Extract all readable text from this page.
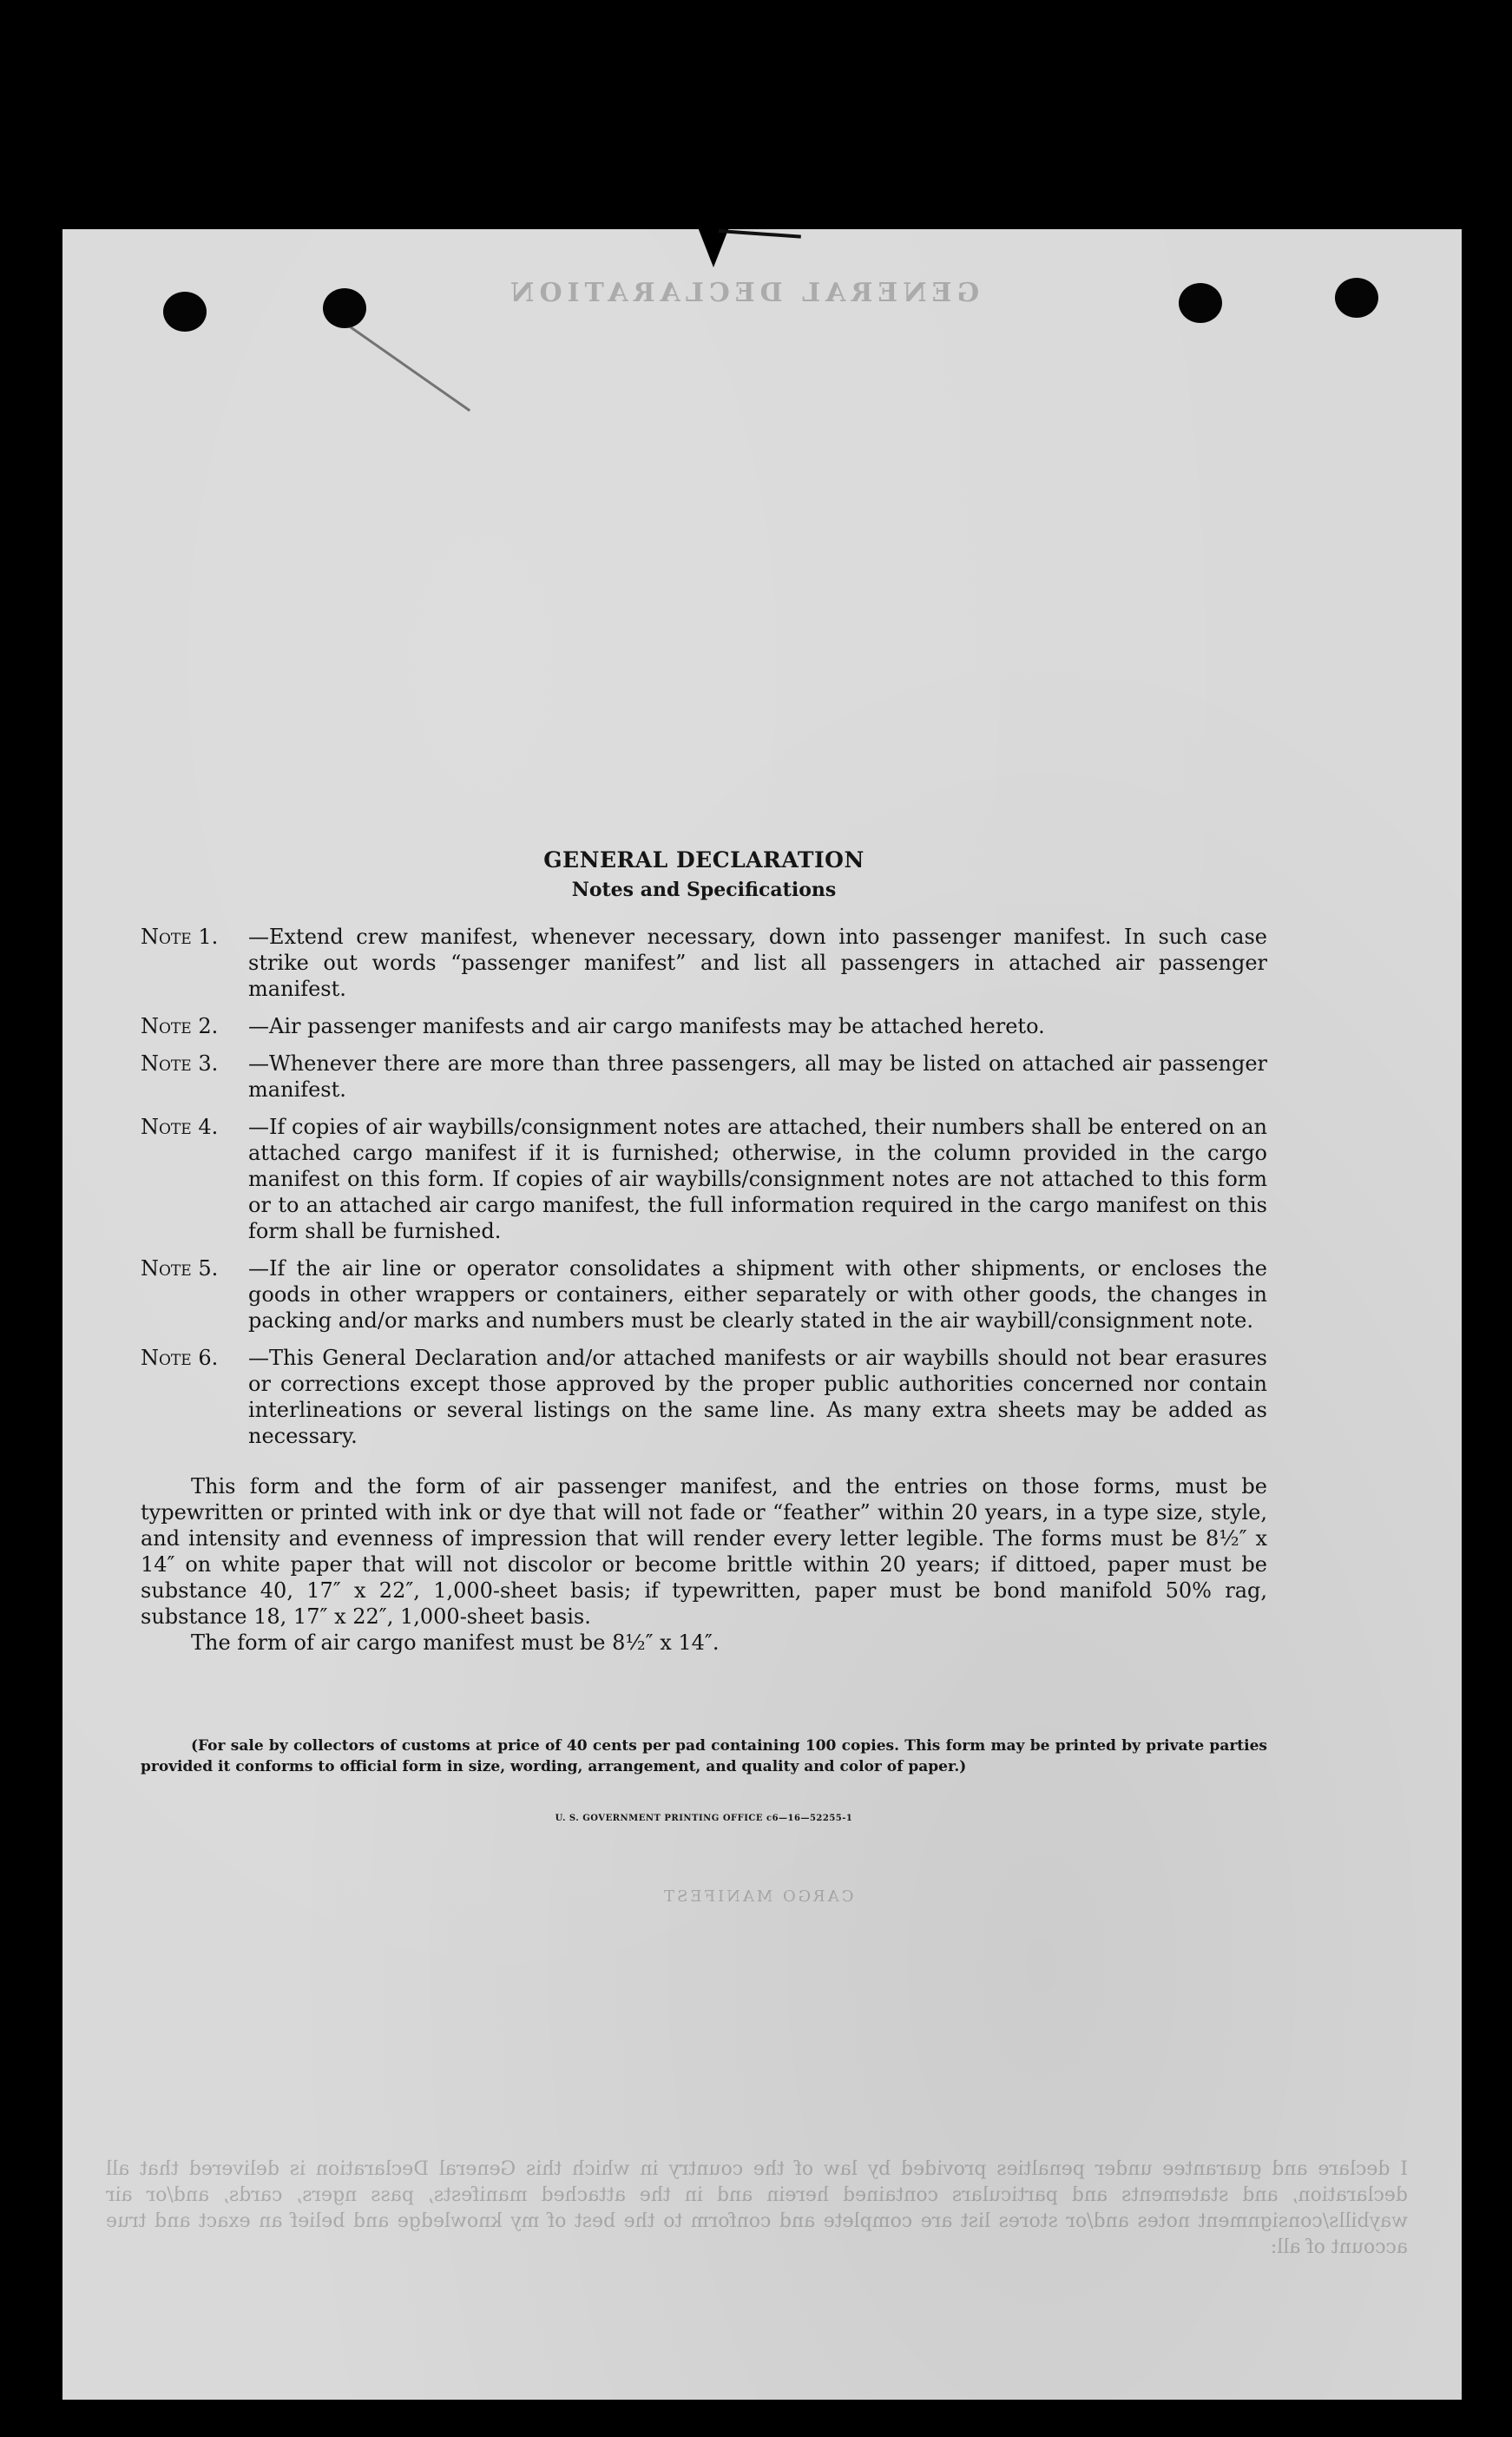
GENERAL DECLARATION
CARGO MANIFEST
I declare and guarantee under penalties provided by law of the country in which this General Declaration is delivered that all declaration, and statements and particulars contained herein and in the attached manifests, pass ngers, cards, and/or air waybills/consignment notes and/or stores list are complete and conform to the best of my knowledge and belief an exact and true account of all:
GENERAL DECLARATION
Notes and Specifications
Note 1.	—Extend crew manifest, whenever necessary, down into passenger manifest. In such case strike out words “passenger manifest” and list all passengers in attached air passenger manifest.
Note 2.	—Air passenger manifests and air cargo manifests may be attached hereto.
Note 3.	—Whenever there are more than three passengers, all may be listed on attached air passenger manifest.
Note 4.	—If copies of air waybills/consignment notes are attached, their numbers shall be entered on an attached cargo manifest if it is furnished; otherwise, in the column provided in the cargo manifest on this form. If copies of air waybills/consignment notes are not attached to this form or to an attached air cargo manifest, the full information required in the cargo manifest on this form shall be furnished.
Note 5.	—If the air line or operator consolidates a shipment with other shipments, or encloses the goods in other wrappers or containers, either separately or with other goods, the changes in packing and/or marks and numbers must be clearly stated in the air waybill/consignment note.
Note 6.	—This General Declaration and/or attached manifests or air waybills should not bear erasures or corrections except those approved by the proper public authorities concerned nor contain interlineations or several listings on the same line. As many extra sheets may be added as necessary.

This form and the form of air passenger manifest, and the entries on those forms, must be typewritten or printed with ink or dye that will not fade or “feather” within 20 years, in a type size, style, and intensity and evenness of impression that will render every letter legible. The forms must be 8½″ x 14″ on white paper that will not discolor or become brittle within 20 years; if dittoed, paper must be substance 40, 17″ x 22″, 1,000-sheet basis; if typewritten, paper must be bond manifold 50% rag, substance 18, 17″ x 22″, 1,000-sheet basis.

The form of air cargo manifest must be 8½″ x 14″.

(For sale by collectors of customs at price of 40 cents per pad containing 100 copies. This form may be printed by private parties provided it conforms to official form in size, wording, arrangement, and quality and color of paper.)

U. S. GOVERNMENT PRINTING OFFICE c6—16—52255-1
